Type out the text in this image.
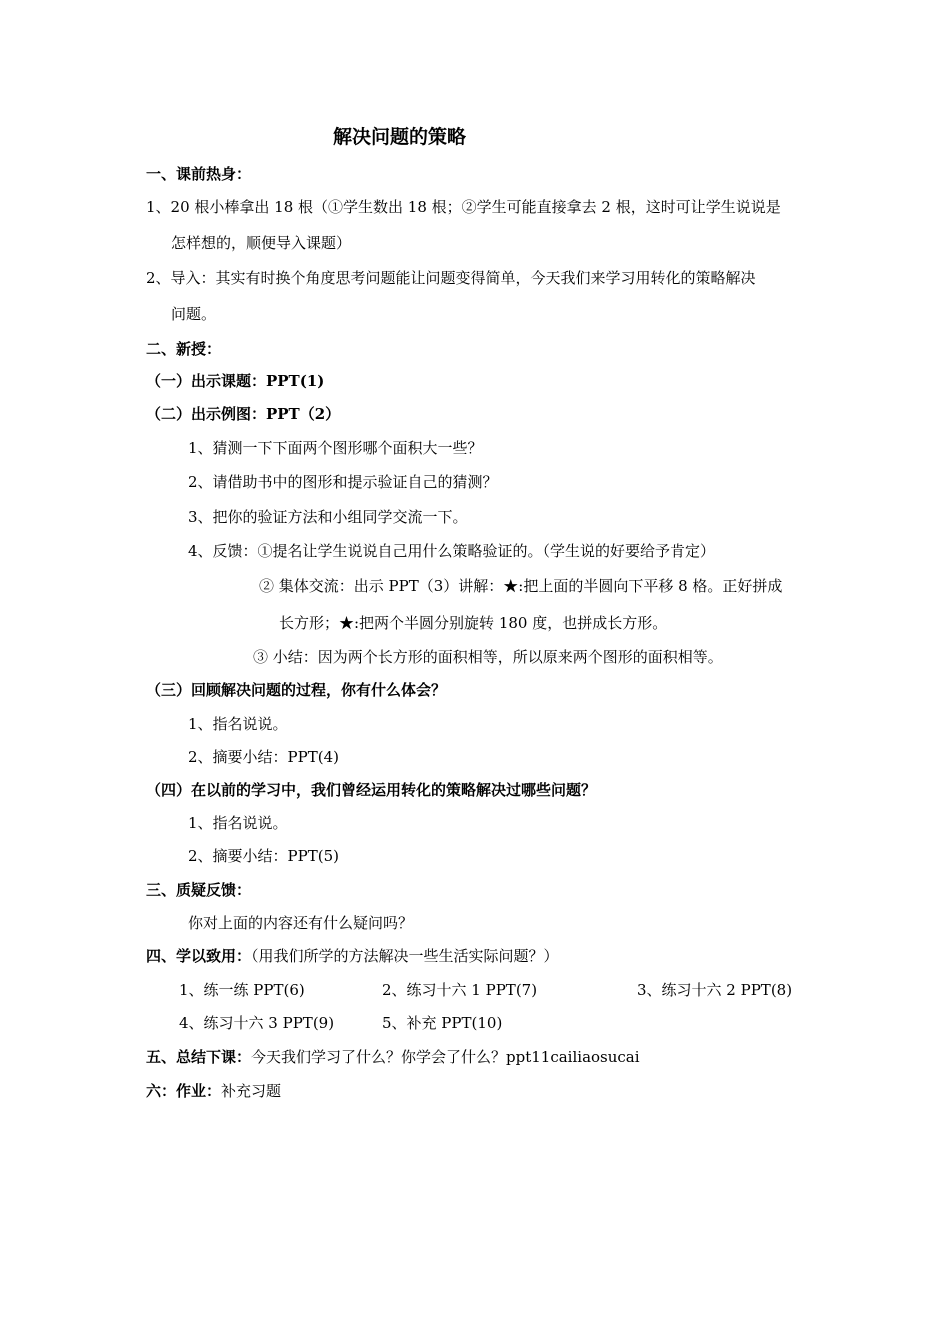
解决问题的策略
一、课前热身：
1、20 根小棒拿出 18 根（①学生数出 18 根；②学生可能直接拿去 2 根，这时可让学生说说是
怎样想的，顺便导入课题）
2、导入：其实有时换个角度思考问题能让问题变得简单，今天我们来学习用转化的策略解决
问题。
二、新授：
（一）出示课题：PPT(1)
（二）出示例图：PPT（2）
1、猜测一下下面两个图形哪个面积大一些？
2、请借助书中的图形和提示验证自己的猜测？
3、把你的验证方法和小组同学交流一下。
4、反馈：①提名让学生说说自己用什么策略验证的。（学生说的好要给予肯定）
② 集体交流：出示 PPT（3）讲解：★:把上面的半圆向下平移 8 格。正好拼成
长方形；★:把两个半圆分别旋转 180 度，也拼成长方形。
③ 小结：因为两个长方形的面积相等，所以原来两个图形的面积相等。
（三）回顾解决问题的过程，你有什么体会？
1、指名说说。
2、摘要小结：PPT(4)
（四）在以前的学习中，我们曾经运用转化的策略解决过哪些问题？
1、指名说说。
2、摘要小结：PPT(5)
三、质疑反馈：
你对上面的内容还有什么疑问吗？
四、学以致用：（用我们所学的方法解决一些生活实际问题？）
1、练一练 PPT(6)	2、练习十六 1 PPT(7)	3、练习十六 2 PPT(8)
4、练习十六 3 PPT(9)	5、补充 PPT(10)
五、总结下课：今天我们学习了什么？你学会了什么？ppt11cailiaosucai
六：作业：补充习题
